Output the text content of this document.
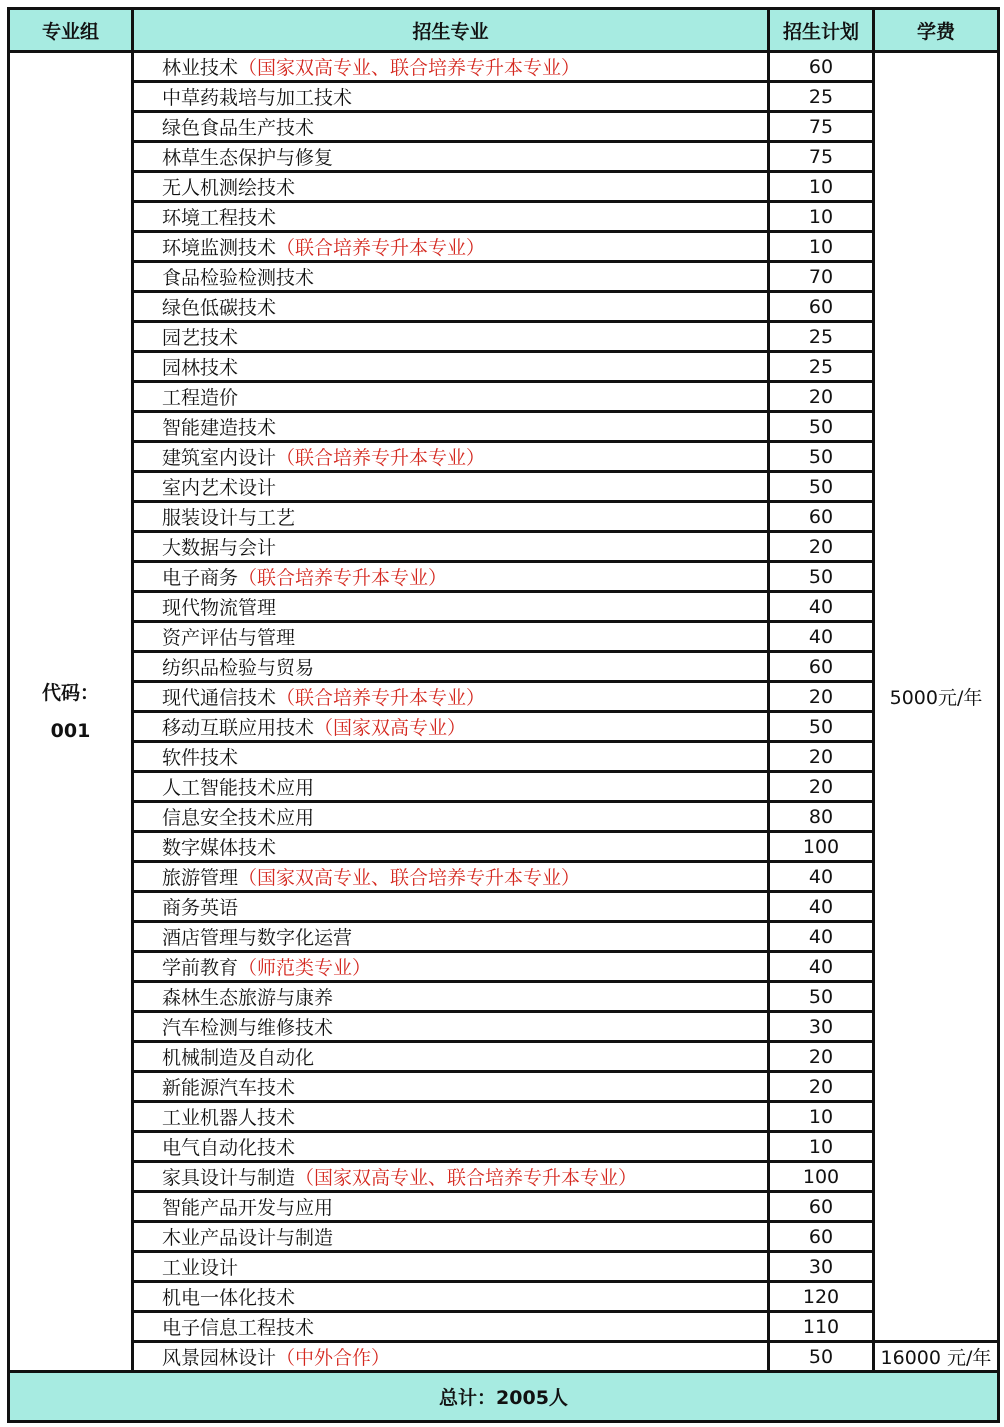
专业组	招生专业	招生计划	学费

代码：
001	林业技术（国家双高专业、联合培养专升本专业）	60	5000元/年
	中草药栽培与加工技术	25	
	绿色食品生产技术	75	
	林草生态保护与修复	75	
	无人机测绘技术	10	
	环境工程技术	10	
	环境监测技术（联合培养专升本专业）	10	
	食品检验检测技术	70	
	绿色低碳技术	60	
	园艺技术	25	
	园林技术	25	
	工程造价	20	
	智能建造技术	50	
	建筑室内设计（联合培养专升本专业）	50	
	室内艺术设计	50	
	服装设计与工艺	60	
	大数据与会计	20	
	电子商务（联合培养专升本专业）	50	
	现代物流管理	40	
	资产评估与管理	40	
	纺织品检验与贸易	60	
	现代通信技术（联合培养专升本专业）	20	
	移动互联应用技术（国家双高专业）	50	
	软件技术	20	
	人工智能技术应用	20	
	信息安全技术应用	80	
	数字媒体技术	100	
	旅游管理（国家双高专业、联合培养专升本专业）	40	
	商务英语	40	
	酒店管理与数字化运营	40	
	学前教育（师范类专业）	40	
	森林生态旅游与康养	50	
	汽车检测与维修技术	30	
	机械制造及自动化	20	
	新能源汽车技术	20	
	工业机器人技术	10	
	电气自动化技术	10	
	家具设计与制造（国家双高专业、联合培养专升本专业）	100	
	智能产品开发与应用	60	
	木业产品设计与制造	60	
	工业设计	30	
	机电一体化技术	120	
	电子信息工程技术	110	
	风景园林设计（中外合作）	50	16000 元/年
总计：2005人			
